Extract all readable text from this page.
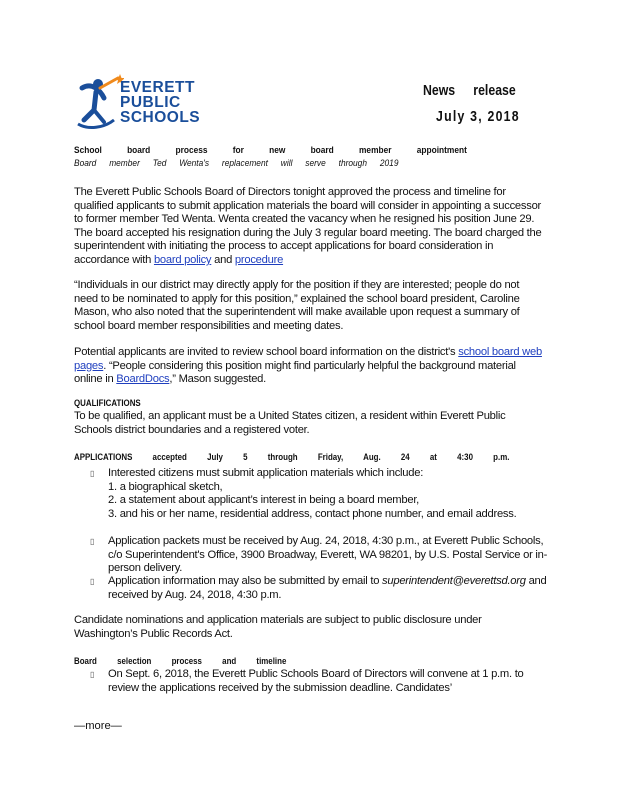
EVERETT
PUBLIC
SCHOOLS
News release
July 3, 2018
School board process for new board member appointment
Board member Ted Wenta's replacement will serve through 2019
The Everett Public Schools Board of Directors tonight approved the process and timeline for qualified applicants to submit application materials the board will consider in appointing a successor to former member Ted Wenta. Wenta created the vacancy when he resigned his position June 29. The board accepted his resignation during the July 3 regular board meeting. The board charged the superintendent with initiating the process to accept applications for board consideration in accordance with board policy and procedure
“Individuals in our district may directly apply for the position if they are interested; people do not need to be nominated to apply for this position,” explained the school board president, Caroline Mason, who also noted that the superintendent will make available upon request a summary of school board member responsibilities and meeting dates.
Potential applicants are invited to review school board information on the district's school board web pages. “People considering this position might find particularly helpful the background material online in BoardDocs,” Mason suggested.
QUALIFICATIONS
To be qualified, an applicant must be a United States citizen, a resident within Everett Public Schools district boundaries and a registered voter.
APPLICATIONS accepted July 5 through Friday, Aug. 24 at 4:30 p.m.
▯ Interested citizens must submit application materials which include:
1. a biographical sketch,
2. a statement about applicant’s interest in being a board member,
3. and his or her name, residential address, contact phone number, and email address.
▯ Application packets must be received by Aug. 24, 2018, 4:30 p.m., at Everett Public Schools, c/o Superintendent's Office, 3900 Broadway, Everett, WA 98201, by U.S. Postal Service or in-person delivery.
▯ Application information may also be submitted by email to superintendent@everettsd.org and received by Aug. 24, 2018, 4:30 p.m.
Candidate nominations and application materials are subject to public disclosure under Washington’s Public Records Act.
Board selection process and timeline
▯ On Sept. 6, 2018, the Everett Public Schools Board of Directors will convene at 1 p.m. to review the applications received by the submission deadline. Candidates’
—more—
